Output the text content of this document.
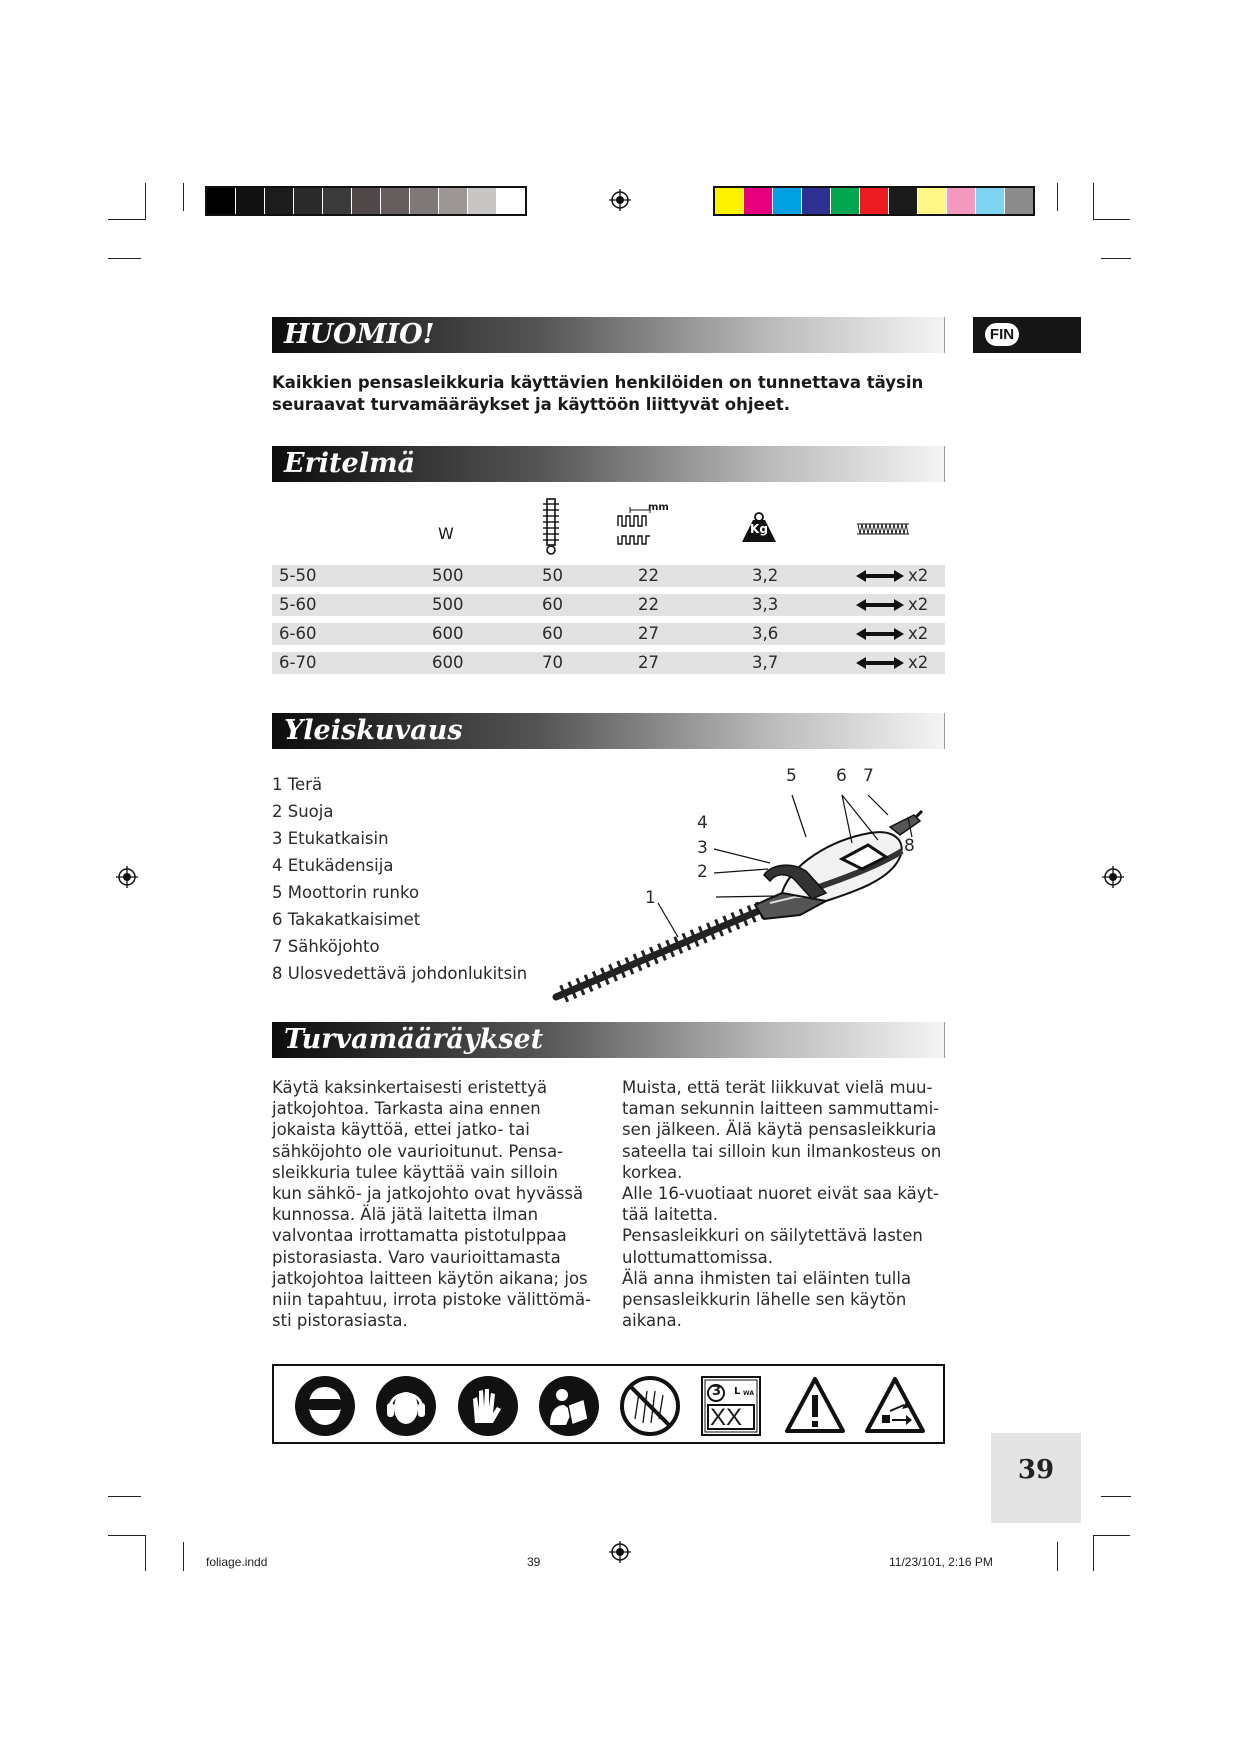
FIN
HUOMIO!
Kaikkien pensasleikkuria käyttävien henkilöiden on tunnettava täysin seuraavat turvamääräykset ja käyttöön liittyvät ohjeet.
Eritelmä
W
mm
Kg
5-50	500	50	22	3,2	x2
5-60	500	60	22	3,3	x2
6-60	600	60	27	3,6	x2
6-70	600	70	27	3,7	x2
Yleiskuvaus
1 Terä
2 Suoja
3 Etukatkaisin
4 Etukädensija
5 Moottorin runko
6 Takakatkaisimet
7 Sähköjohto
8 Ulosvedettävä johdonlukitsin
1
2
3
4
5 6 7
8
Turvamääräykset
Käytä kaksinkertaisesti eristettyä
jatkojohtoa. Tarkasta aina ennen
jokaista käyttöä, ettei jatko- tai
sähköjohto ole vaurioitunut. Pensa-
sleikkuria tulee käyttää vain silloin
kun sähkö- ja jatkojohto ovat hyvässä
kunnossa. Älä jätä laitetta ilman
valvontaa irrottamatta pistotulppaa
pistorasiasta. Varo vaurioittamasta
jatkojohtoa laitteen käytön aikana; jos
niin tapahtuu, irrota pistoke välittömä-
sti pistorasiasta.
Muista, että terät liikkuvat vielä muu-
taman sekunnin laitteen sammuttami-
sen jälkeen. Älä käytä pensasleikkuria
sateella tai silloin kun ilmankosteus on
korkea.
Alle 16-vuotiaat nuoret eivät saa käyt-
tää laitetta.
Pensasleikkuri on säilytettävä lasten
ulottumattomissa.
Älä anna ihmisten tai eläinten tulla
pensasleikkurin lähelle sen käytön
aikana.
3 L WA
XX
39
foliage.indd	39	11/23/101, 2:16 PM
